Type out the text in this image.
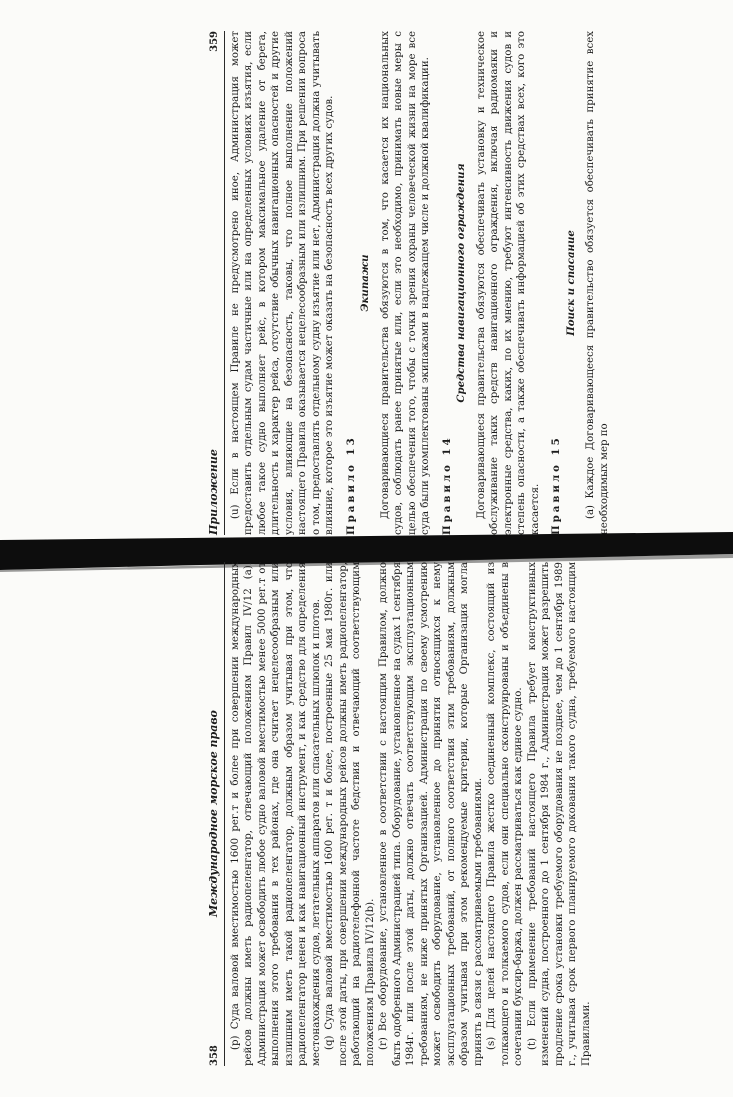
358
Международное морское право (р) Суда валовой вместимостью 1600 рег.т и более при совершении международных рейсов должны иметь радиопеленгатор, отвечающий положениям Правил IV/12 (а). Администрация может освободить любое судно валовой вместимостью менее 5000 рег.т от выполнения этого требования в тех районах, где она считает нецелесообразным или излишним иметь такой радиопеленгатор, должным образом учитывая при этом, что радиопеленгатор ценен и как навигационный инструмент, и как средство для определения местонахождения судов, летательных аппаратов или спасательных шлюпок и плотов. (q) Суда валовой вместимостью 1600 рег. т и более, построенные 25 мая 1980г. или после этой даты, при совершении международных рейсов должны иметь радиопеленгатор, работающий на радиотелефонной частоте бедствия и отвечающий соответствующим положениям Правила IV/12(b). (r) Все оборудование, установленное в соответствии с настоящим Правилом, должно быть одобренного Администрацией типа. Оборудование, установленное на судах 1 сентября 1984г. или после этой даты, должно отвечать соответствующим эксплуатационным требованиям, не ниже принятых Организацией. Администрация по своему усмотрению может освободить оборудование, установленное до принятия относящихся к нему эксплуатационных требований, от полного соответствия этим требованиям, должным образом учитывая при этом рекомендуемые критерии, которые Организация могла принять в связи с рассматриваемыми требованиями. (s) Для целей настоящего Правила жестко соединенный комплекс, состоящий из толкающего и толкаемого судов, если они специально сконструированы и объединены в сочетании буксир-баржа, должен рассматриваться как единое судно. (t) Если применение требований настоящего Правила требует конструктивных изменений судна, построенного до 1 сентября 1984 г., Администрация может разрешить продление срока установки требуемого оборудования не позднее, чем до 1 сентября 1989 г., учитывая срок первого планируемого докования такого судна, требуемого настоящим Правилами.

Приложение
359 (u) Если в настоящем Правиле не предусмотрено иное, Администрация может предоставить отдельным судам частичные или на определенных условиях изъятия, если любое такое судно выполняет рейс, в котором максимальное удаление от берега, длительность и характер рейса, отсутствие обычных навигационных опасностей и другие условия, влияющие на безопасность, таковы, что полное выполнение положений настоящего Правила оказывается нецелесообразным или излишним. При решении вопроса о том, предоставлять отдельному судну изъятие или нет, Администрация должна учитывать влияние, которое это изъятие может оказать на безопасность всех других судов. Правило 13

Экипажи Договаривающиеся правительства обязуются в том, что касается их национальных судов, соблюдать ранее принятые или, если это необходимо, принимать новые меры с целью обеспечения того, чтобы с точки зрения охраны человеческой жизни на море все суда были укомплектованы экипажами в надлежащем числе и должной квалификации. Правило 14

Средства навигационного ограждения Договаривающиеся правительства обязуются обеспечивать установку и техническое обслуживание таких средств навигационного ограждения, включая радиомаяки и электронные средства, каких, по их мнению, требуют интенсивность движения судов и степень опасности, а также обеспечивать информацией об этих средствах всех, кого это касается. Правило 15

Поиск и спасание (а) Каждое Договаривающееся правительство обязуется обеспечивать принятие всех необходимых мер по
